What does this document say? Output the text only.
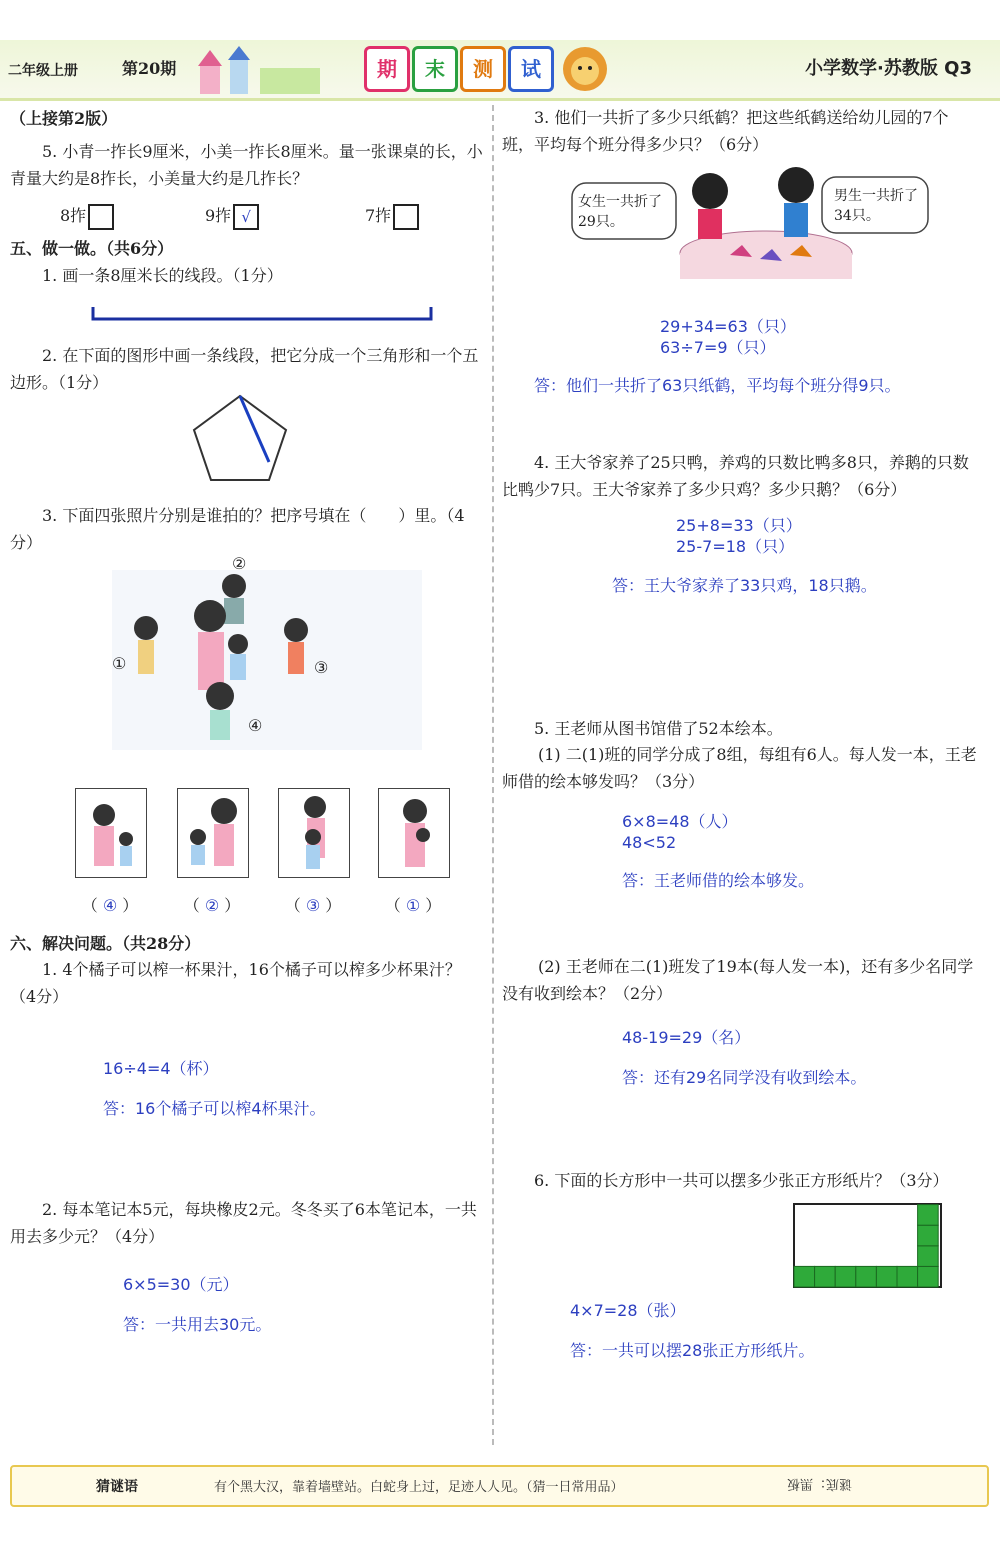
二年级上册	第20期	期	末	测	试	小学数学·苏教版 Q3
（上接第2版）
5. 小青一拃长9厘米，小美一拃长8厘米。量一张课桌的长，小青量大约是8拃长，小美量大约是几拃长？
8拃	9拃 √	7拃
五、做一做。（共6分）
1. 画一条8厘米长的线段。（1分）
2. 在下面的图形中画一条线段，把它分成一个三角形和一个五边形。（1分）
3. 下面四张照片分别是谁拍的？把序号填在（　　）里。（4分）
②
①	③
④
（ ④ ）	（ ② ）	（ ③ ）	（ ① ）
六、解决问题。（共28分）
1. 4个橘子可以榨一杯果汁，16个橘子可以榨多少杯果汁？（4分）
16÷4=4（杯）
答：16个橘子可以榨4杯果汁。
2. 每本笔记本5元，每块橡皮2元。冬冬买了6本笔记本，一共用去多少元？（4分）
6×5=30（元）
答：一共用去30元。
3. 他们一共折了多少只纸鹤？把这些纸鹤送给幼儿园的7个班，平均每个班分得多少只？（6分）
女生一共折了29只。
男生一共折了34只。
29+34=63（只）
63÷7=9（只）
答：他们一共折了63只纸鹤，平均每个班分得9只。
4. 王大爷家养了25只鸭，养鸡的只数比鸭多8只，养鹅的只数比鸭少7只。王大爷家养了多少只鸡？多少只鹅？（6分）
25+8=33（只）
25-7=18（只）
答：王大爷家养了33只鸡，18只鹅。
5. 王老师从图书馆借了52本绘本。
(1) 二(1)班的同学分成了8组，每组有6人。每人发一本，王老师借的绘本够发吗？（3分）
6×8=48（人）
48<52
答：王老师借的绘本够发。
(2) 王老师在二(1)班发了19本(每人发一本)，还有多少名同学没有收到绘本？（2分）
48-19=29（名）
答：还有29名同学没有收到绘本。
6. 下面的长方形中一共可以摆多少张正方形纸片？（3分）
4×7=28（张）
答：一共可以摆28张正方形纸片。
猜谜语	有个黑大汉，靠着墙壁站。白蛇身上过，足迹人人见。（猜一日常用品）	谜底：黑板
